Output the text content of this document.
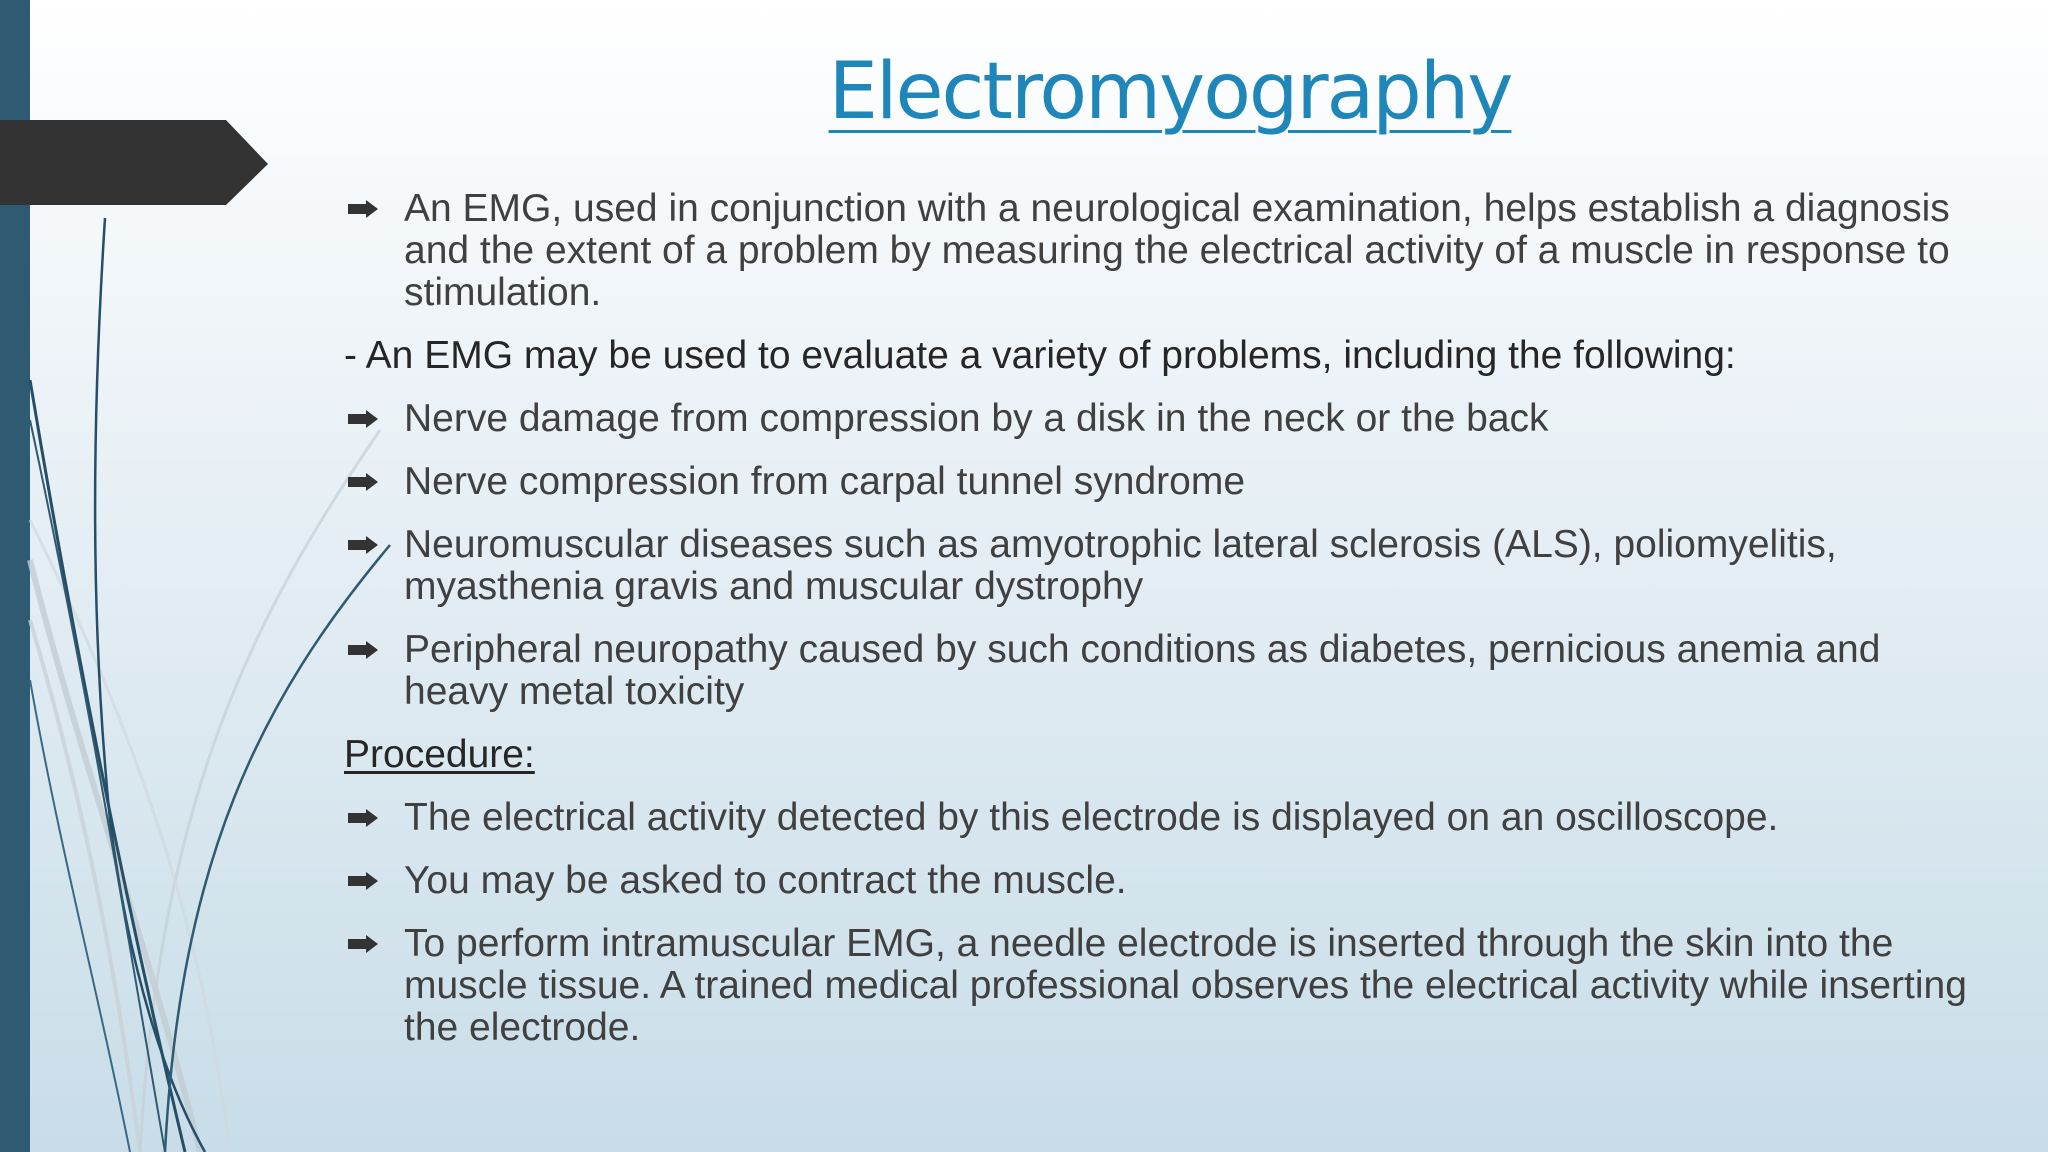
Electromyography
An EMG, used in conjunction with a neurological examination, helps establish a diagnosis and the extent of a problem by measuring the electrical activity of a muscle in response to stimulation.
- An EMG may be used to evaluate a variety of problems, including the following:
Nerve damage from compression by a disk in the neck or the back
Nerve compression from carpal tunnel syndrome
Neuromuscular diseases such as amyotrophic lateral sclerosis (ALS), poliomyelitis, myasthenia gravis and muscular dystrophy
Peripheral neuropathy caused by such conditions as diabetes, pernicious anemia and heavy metal toxicity
Procedure:
The electrical activity detected by this electrode is displayed on an oscilloscope.
You may be asked to contract the muscle.
To perform intramuscular EMG, a needle electrode is inserted through the skin into the muscle tissue. A trained medical professional observes the electrical activity while inserting the electrode.
